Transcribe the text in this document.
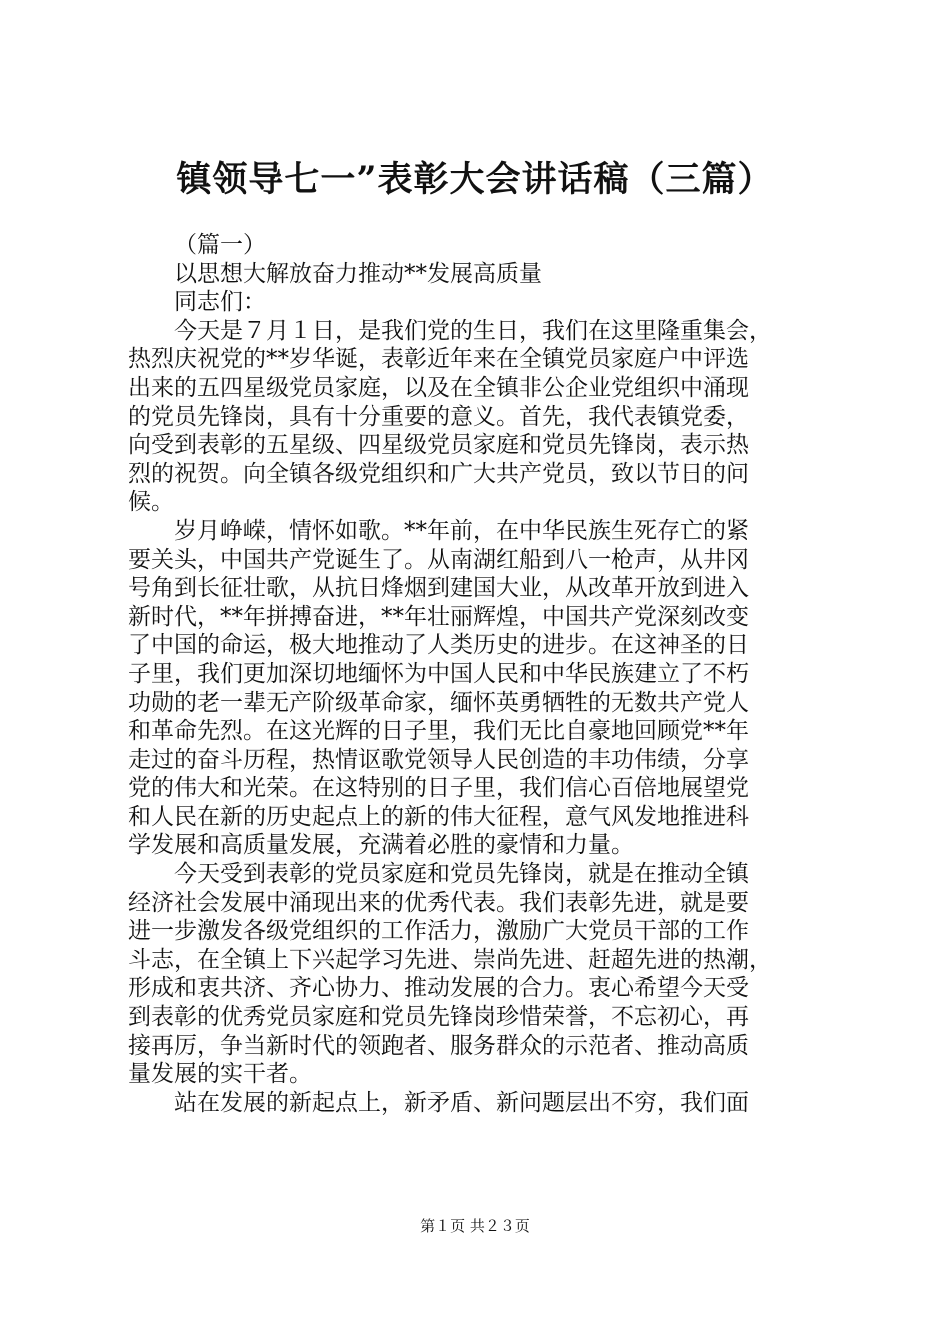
镇领导七一”表彰大会讲话稿（三篇）
（篇一）
以思想大解放奋力推动**发展高质量
同志们：
今天是７月１日，是我们党的生日，我们在这里隆重集会，
热烈庆祝党的**岁华诞，表彰近年来在全镇党员家庭户中评选
出来的五四星级党员家庭，以及在全镇非公企业党组织中涌现
的党员先锋岗，具有十分重要的意义。首先，我代表镇党委，
向受到表彰的五星级、四星级党员家庭和党员先锋岗，表示热
烈的祝贺。向全镇各级党组织和广大共产党员，致以节日的问
候。
岁月峥嵘，情怀如歌。**年前，在中华民族生死存亡的紧
要关头，中国共产党诞生了。从南湖红船到八一枪声，从井冈
号角到长征壮歌，从抗日烽烟到建国大业，从改革开放到进入
新时代，**年拼搏奋进，**年壮丽辉煌，中国共产党深刻改变
了中国的命运，极大地推动了人类历史的进步。在这神圣的日
子里，我们更加深切地缅怀为中国人民和中华民族建立了不朽
功勋的老一辈无产阶级革命家，缅怀英勇牺牲的无数共产党人
和革命先烈。在这光辉的日子里，我们无比自豪地回顾党**年
走过的奋斗历程，热情讴歌党领导人民创造的丰功伟绩，分享
党的伟大和光荣。在这特别的日子里，我们信心百倍地展望党
和人民在新的历史起点上的新的伟大征程，意气风发地推进科
学发展和高质量发展，充满着必胜的豪情和力量。
今天受到表彰的党员家庭和党员先锋岗，就是在推动全镇
经济社会发展中涌现出来的优秀代表。我们表彰先进，就是要
进一步激发各级党组织的工作活力，激励广大党员干部的工作
斗志，在全镇上下兴起学习先进、崇尚先进、赶超先进的热潮，
形成和衷共济、齐心协力、推动发展的合力。衷心希望今天受
到表彰的优秀党员家庭和党员先锋岗珍惜荣誉，不忘初心，再
接再厉，争当新时代的领跑者、服务群众的示范者、推动高质
量发展的实干者。
站在发展的新起点上，新矛盾、新问题层出不穷，我们面
第１页 共２３页
